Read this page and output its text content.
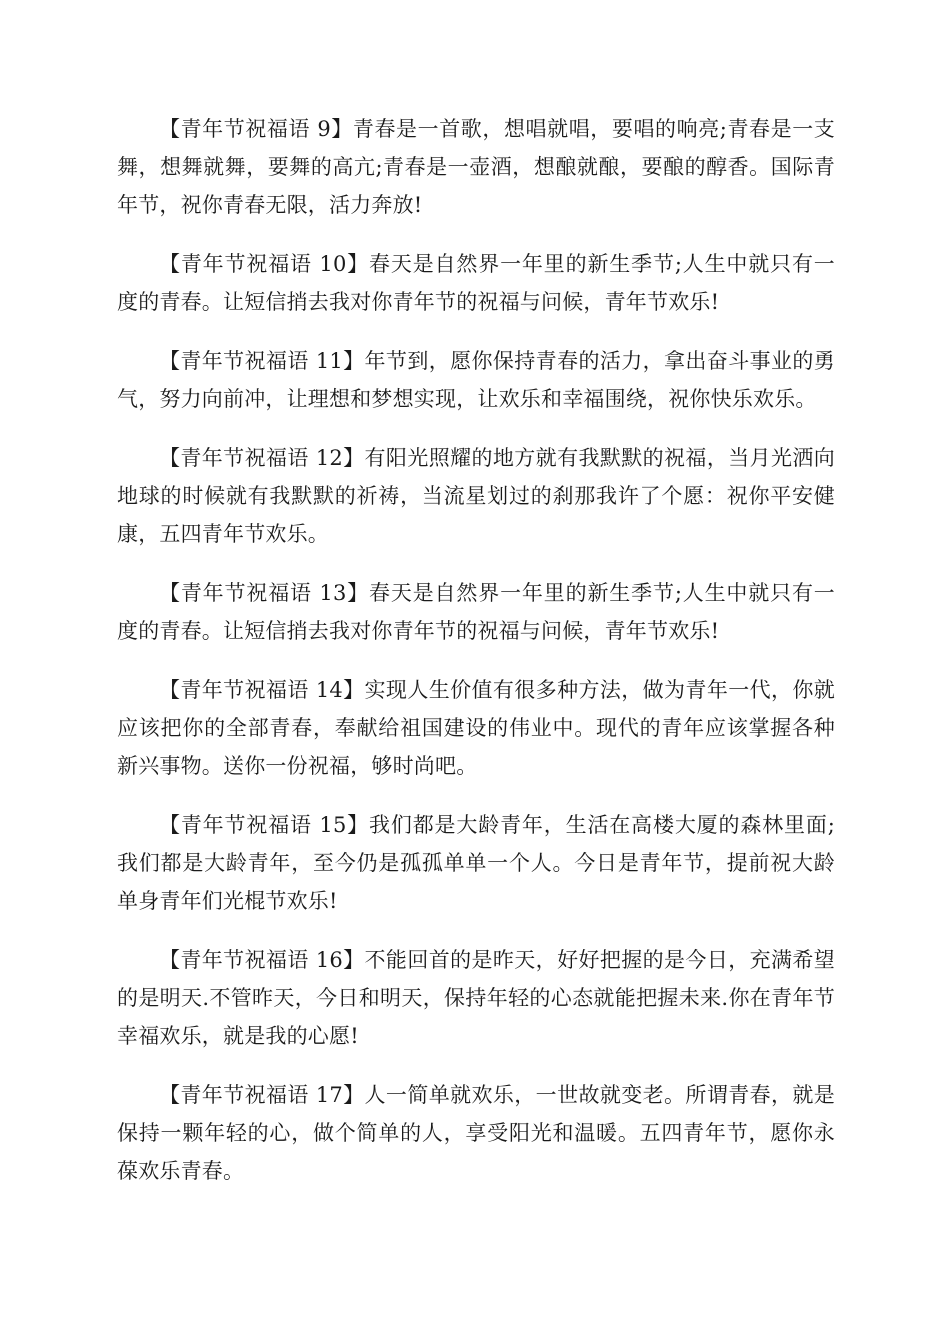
【青年节祝福语 9】青春是一首歌，想唱就唱，要唱的响亮;青春是一支舞，想舞就舞，要舞的高亢;青春是一壶酒，想酿就酿，要酿的醇香。国际青年节，祝你青春无限，活力奔放!

【青年节祝福语 10】春天是自然界一年里的新生季节;人生中就只有一度的青春。让短信捎去我对你青年节的祝福与问候，青年节欢乐!

【青年节祝福语 11】年节到，愿你保持青春的活力，拿出奋斗事业的勇气，努力向前冲，让理想和梦想实现，让欢乐和幸福围绕，祝你快乐欢乐。

【青年节祝福语 12】有阳光照耀的地方就有我默默的祝福，当月光洒向地球的时候就有我默默的祈祷，当流星划过的刹那我许了个愿：祝你平安健康，五四青年节欢乐。

【青年节祝福语 13】春天是自然界一年里的新生季节;人生中就只有一度的青春。让短信捎去我对你青年节的祝福与问候，青年节欢乐!

【青年节祝福语 14】实现人生价值有很多种方法，做为青年一代，你就应该把你的全部青春，奉献给祖国建设的伟业中。现代的青年应该掌握各种新兴事物。送你一份祝福，够时尚吧。

【青年节祝福语 15】我们都是大龄青年，生活在高楼大厦的森林里面;我们都是大龄青年，至今仍是孤孤单单一个人。今日是青年节，提前祝大龄单身青年们光棍节欢乐!

【青年节祝福语 16】不能回首的是昨天，好好把握的是今日，充满希望的是明天.不管昨天，今日和明天，保持年轻的心态就能把握未来.你在青年节幸福欢乐，就是我的心愿!

【青年节祝福语 17】人一简单就欢乐，一世故就变老。所谓青春，就是保持一颗年轻的心，做个简单的人，享受阳光和温暖。五四青年节，愿你永葆欢乐青春。
